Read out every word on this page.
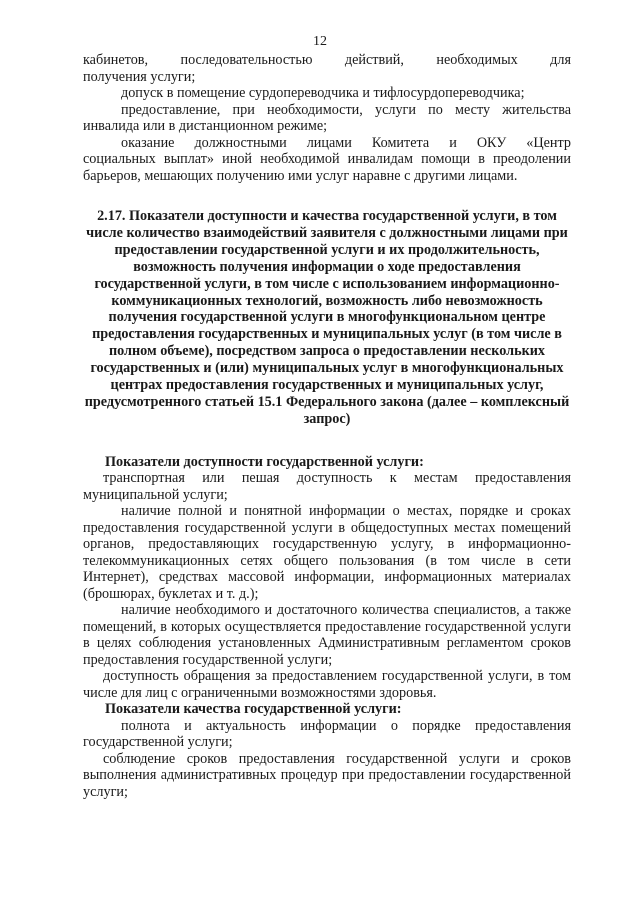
12

кабинетов, последовательностью действий, необходимых для

получения услуги;

допуск в помещение сурдопереводчика и тифлосурдопереводчика;

предоставление, при необходимости, услуги по месту жительства

инвалида или в дистанционном режиме;

оказание должностными лицами Комитета и ОКУ «Центр

социальных выплат» иной необходимой инвалидам помощи в преодолении

барьеров, мешающих получению ими услуг наравне с другими лицами.

2.17. Показатели доступности и качества государственной услуги, в том числе количество взаимодействий заявителя с должностными лицами при предоставлении государственной услуги и их продолжительность, возможность получения информации о ходе предоставления государственной услуги, в том числе с использованием информационно-коммуникационных технологий, возможность либо невозможность получения государственной услуги в многофункциональном центре предоставления государственных и муниципальных услуг (в том числе в полном объеме), посредством запроса о предоставлении нескольких государственных и (или) муниципальных услуг в многофункциональных центрах предоставления государственных и муниципальных услуг, предусмотренного статьей 15.1 Федерального закона (далее – комплексный запрос)

Показатели доступности государственной услуги:

транспортная или пешая доступность к местам предоставления муниципальной услуги;

наличие полной и понятной информации о местах, порядке и сроках предоставления государственной услуги в общедоступных местах помещений органов, предоставляющих государственную услугу, в информационно-телекоммуникационных сетях общего пользования (в том числе в сети Интернет), средствах массовой информации, информационных материалах (брошюрах, буклетах и т. д.);

наличие необходимого и достаточного количества специалистов, а также помещений, в которых осуществляется предоставление государственной услуги в целях соблюдения установленных Административным регламентом сроков предоставления государственной услуги;

доступность обращения за предоставлением государственной услуги, в том числе для лиц с ограниченными возможностями здоровья.

Показатели качества государственной услуги:

полнота и актуальность информации о порядке предоставления государственной услуги;

соблюдение сроков предоставления государственной услуги и сроков выполнения административных процедур при предоставлении государственной услуги;
